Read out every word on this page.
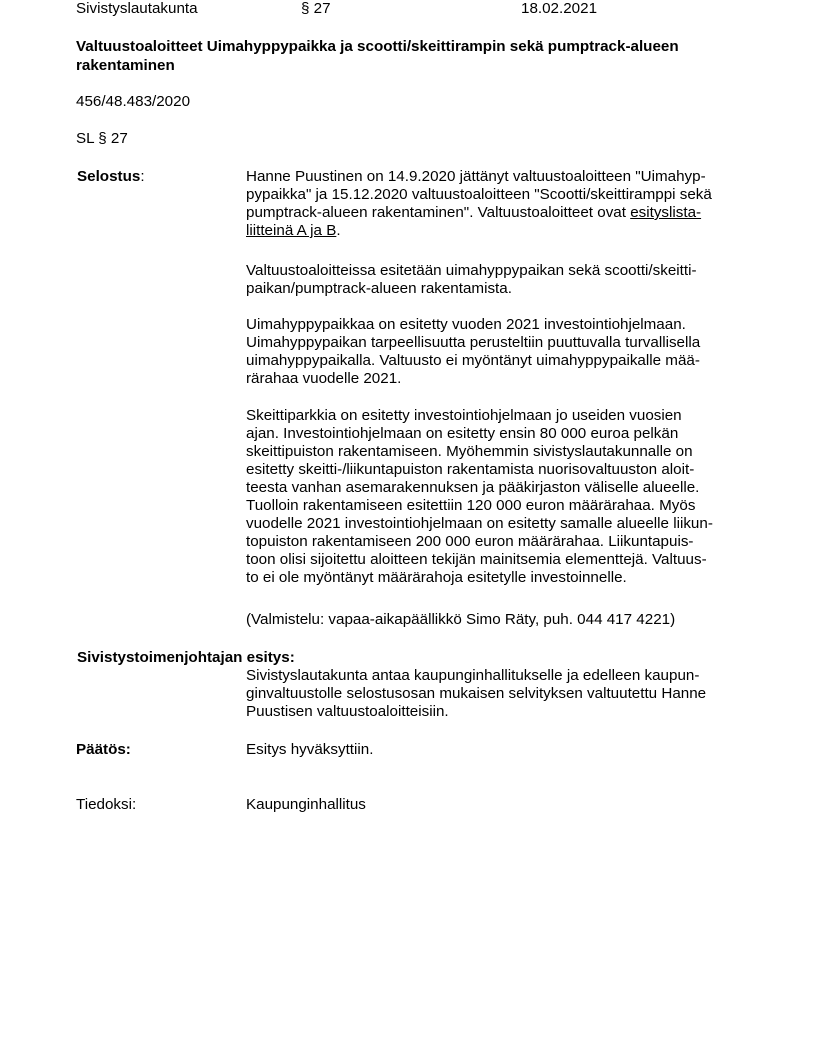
Sivistyslautakunta	§ 27	18.02.2021
Valtuustoaloitteet Uimahyppypaikka ja scootti/skeittirampin sekä pumptrack-alueen
rakentaminen
456/48.483/2020
SL § 27
Selostus:	Hanne Puustinen on 14.9.2020 jättänyt valtuustoaloitteen "Uimahyp-
pypaikka" ja 15.12.2020 valtuustoaloitteen "Scootti/skeittiramppi sekä
pumptrack-alueen rakentaminen". Valtuustoaloitteet ovat esityslista-
liitteinä A ja B.
Valtuustoaloitteissa esitetään uimahyppypaikan sekä scootti/skeitti-
paikan/pumptrack-alueen rakentamista.
Uimahyppypaikkaa on esitetty vuoden 2021 investointiohjelmaan.
Uimahyppypaikan tarpeellisuutta perusteltiin puuttuvalla turvallisella
uimahyppypaikalla. Valtuusto ei myöntänyt uimahyppypaikalle mää-
rärahaa vuodelle 2021.
Skeittiparkkia on esitetty investointiohjelmaan jo useiden vuosien
ajan. Investointiohjelmaan on esitetty ensin 80 000 euroa pelkän
skeittipuiston rakentamiseen. Myöhemmin sivistyslautakunnalle on
esitetty skeitti-/liikuntapuiston rakentamista nuorisovaltuuston aloit-
teesta vanhan asemarakennuksen ja pääkirjaston väliselle alueelle.
Tuolloin rakentamiseen esitettiin 120 000 euron määrärahaa. Myös
vuodelle 2021 investointiohjelmaan on esitetty samalle alueelle liikun-
topuiston rakentamiseen 200 000 euron määrärahaa. Liikuntapuis-
toon olisi sijoitettu aloitteen tekijän mainitsemia elementtejä. Valtuus-
to ei ole myöntänyt määrärahoja esitetylle investoinnelle.
(Valmistelu: vapaa-aikapäällikkö Simo Räty, puh. 044 417 4221)
Sivistystoimenjohtajan esitys:
Sivistyslautakunta antaa kaupunginhallitukselle ja edelleen kaupun-
ginvaltuustolle selostusosan mukaisen selvityksen valtuutettu Hanne
Puustisen valtuustoaloitteisiin.
Päätös:	Esitys hyväksyttiin.
Tiedoksi:	Kaupunginhallitus
